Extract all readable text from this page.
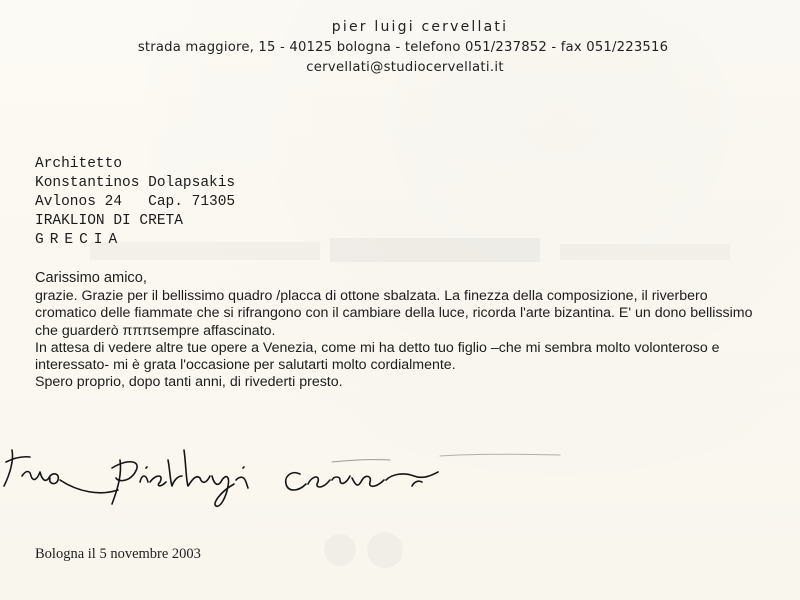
pier luigi cervellati
strada maggiore, 15 - 40125 bologna - telefono 051/237852 - fax 051/223516
cervellati@studiocervellati.it
Architetto
Konstantinos Dolapsakis
Avlonos 24   Cap. 71305
IRAKLION DI CRETA
GRECIA

Carissimo amico,

grazie. Grazie per il bellissimo quadro /placca di ottone sbalzata. La finezza della composizione, il riverbero cromatico delle fiammate che si rifrangono con il cambiare della luce, ricorda l'arte bizantina. E' un dono bellissimo che guarderò πππsempre affascinato.

In attesa di vedere altre tue opere a Venezia, come mi ha detto tuo figlio –che mi sembra molto volonteroso e interessato- mi è grata l'occasione per salutarti molto cordialmente.

Spero proprio, dopo tanti anni, di rivederti presto.

Bologna il 5 novembre 2003
